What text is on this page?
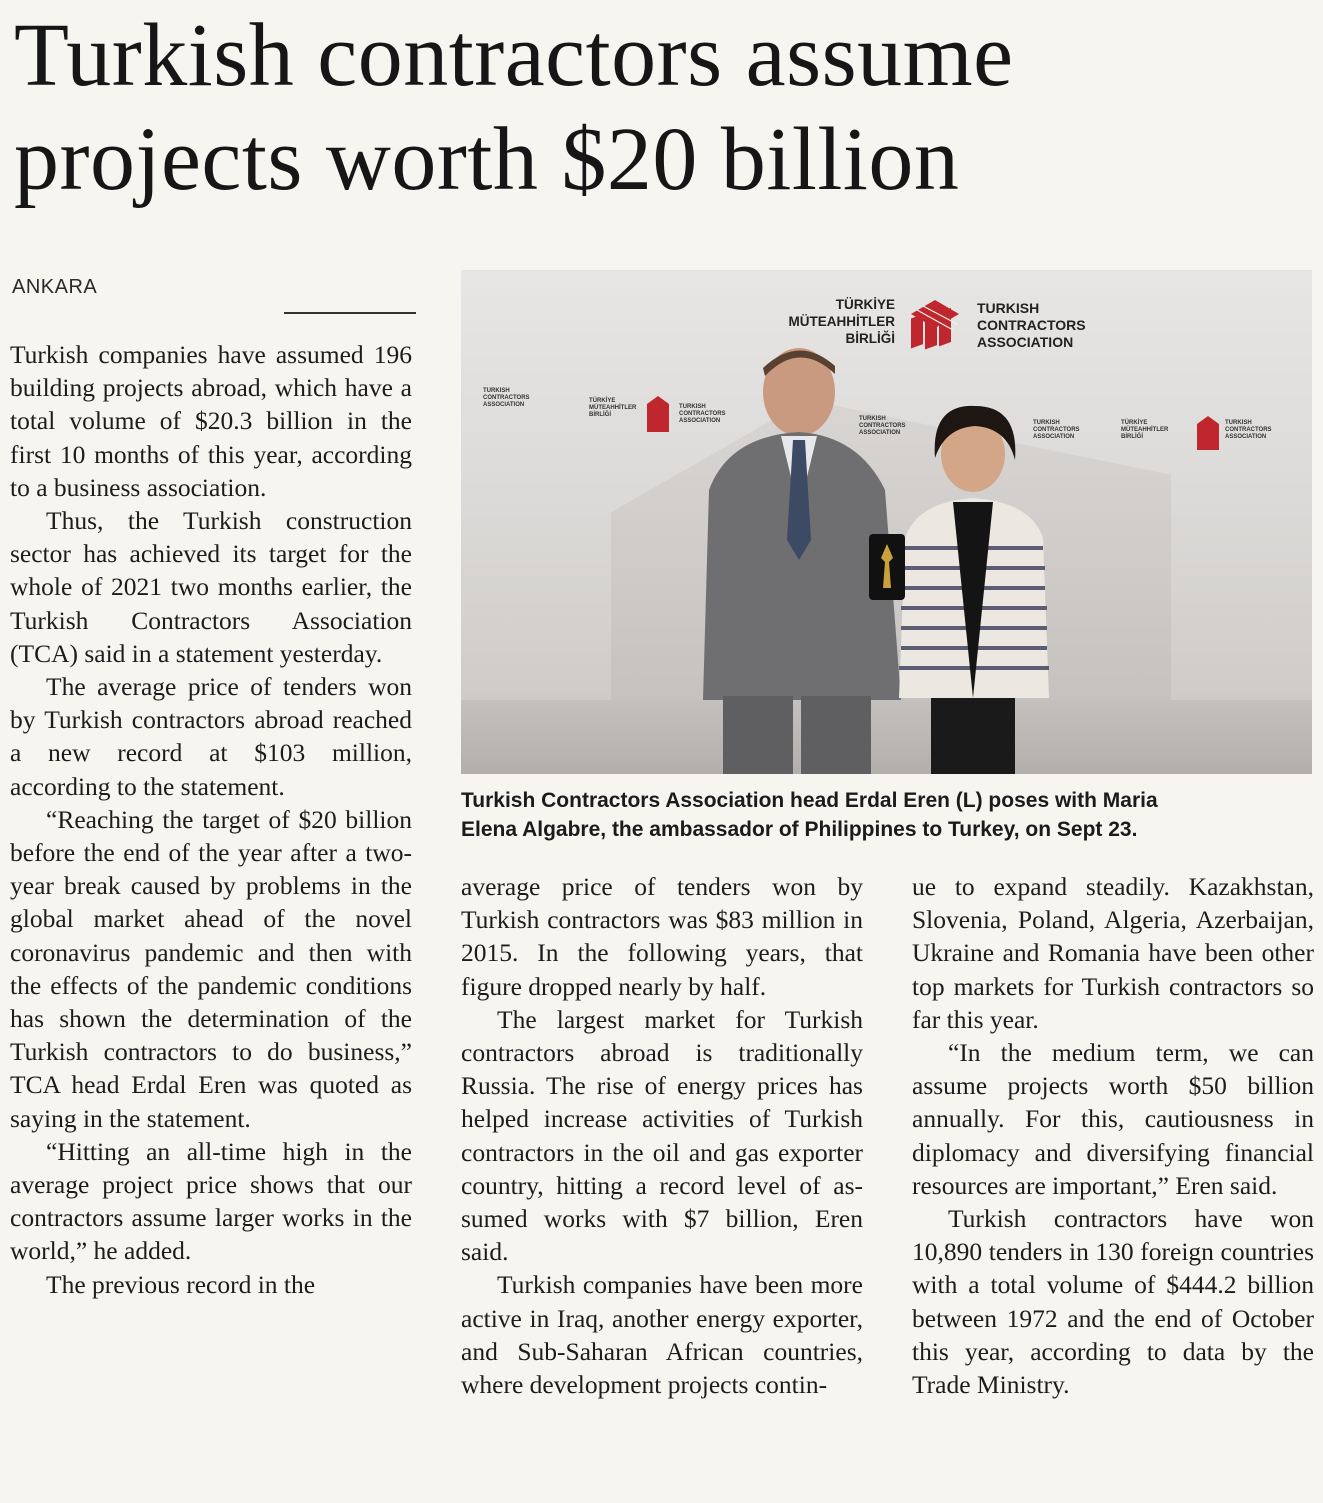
Turkish contractors assume
projects worth $20 billion
ANKARA

Turkish companies have assumed 196 building projects abroad, which have a total volume of $20.3 billion in the first 10 months of this year, according to a business association.

Thus, the Turkish construction sector has achieved its target for the whole of 2021 two months earlier, the Turkish Contractors Association (TCA) said in a statement yesterday.

The average price of tenders won by Turkish contractors abroad reached a new record at $103 million, according to the statement.

“Reaching the target of $20 billion before the end of the year after a two-year break caused by problems in the global market ahead of the novel coronavirus pandemic and then with the effects of the pandemic conditions has shown the determination of the Turkish contractors to do business,” TCA head Erdal Eren was quoted as saying in the statement.

“Hitting an all-time high in the average project price shows that our contractors assume larger works in the world,” he added.

The previous record in the

TÜRKİYE
MÜTEAHHİTLER
BİRLİĞİ
TURKISH
CONTRACTORS
ASSOCIATION
TURKISH
CONTRACTORS
ASSOCIATION
TÜRKİYE
MÜTEAHHİTLER
BİRLİĞİ
TURKISH
CONTRACTORS
ASSOCIATION	TURKISH
CONTRACTORS
ASSOCIATION
TURKISH
CONTRACTORS
ASSOCIATION
TÜRKİYE
MÜTEAHHİTLER
BİRLİĞİ
TURKISH
CONTRACTORS
ASSOCIATION
Turkish Contractors Association head Erdal Eren (L) poses with Maria
Elena Algabre, the ambassador of Philippines to Turkey, on Sept 23.

average price of tenders won by Turkish contractors was $83 million in 2015. In the following years, that figure dropped nearly by half.

The largest market for Turkish contractors abroad is traditionally Russia. The rise of energy prices has helped increase activities of Turkish contractors in the oil and gas exporter country, hitting a record level of assumed works with $7 billion, Eren said.

Turkish companies have been more active in Iraq, another energy exporter, and Sub-Saharan African countries, where development projects contin-

ue to expand steadily. Kazakhstan, Slovenia, Poland, Algeria, Azerbaijan, Ukraine and Romania have been other top markets for Turkish contractors so far this year.

“In the medium term, we can assume projects worth $50 billion annually. For this, cautiousness in diplomacy and diversifying financial resources are important,” Eren said.

Turkish contractors have won 10,890 tenders in 130 foreign countries with a total volume of $444.2 billion between 1972 and the end of October this year, according to data by the Trade Ministry.
